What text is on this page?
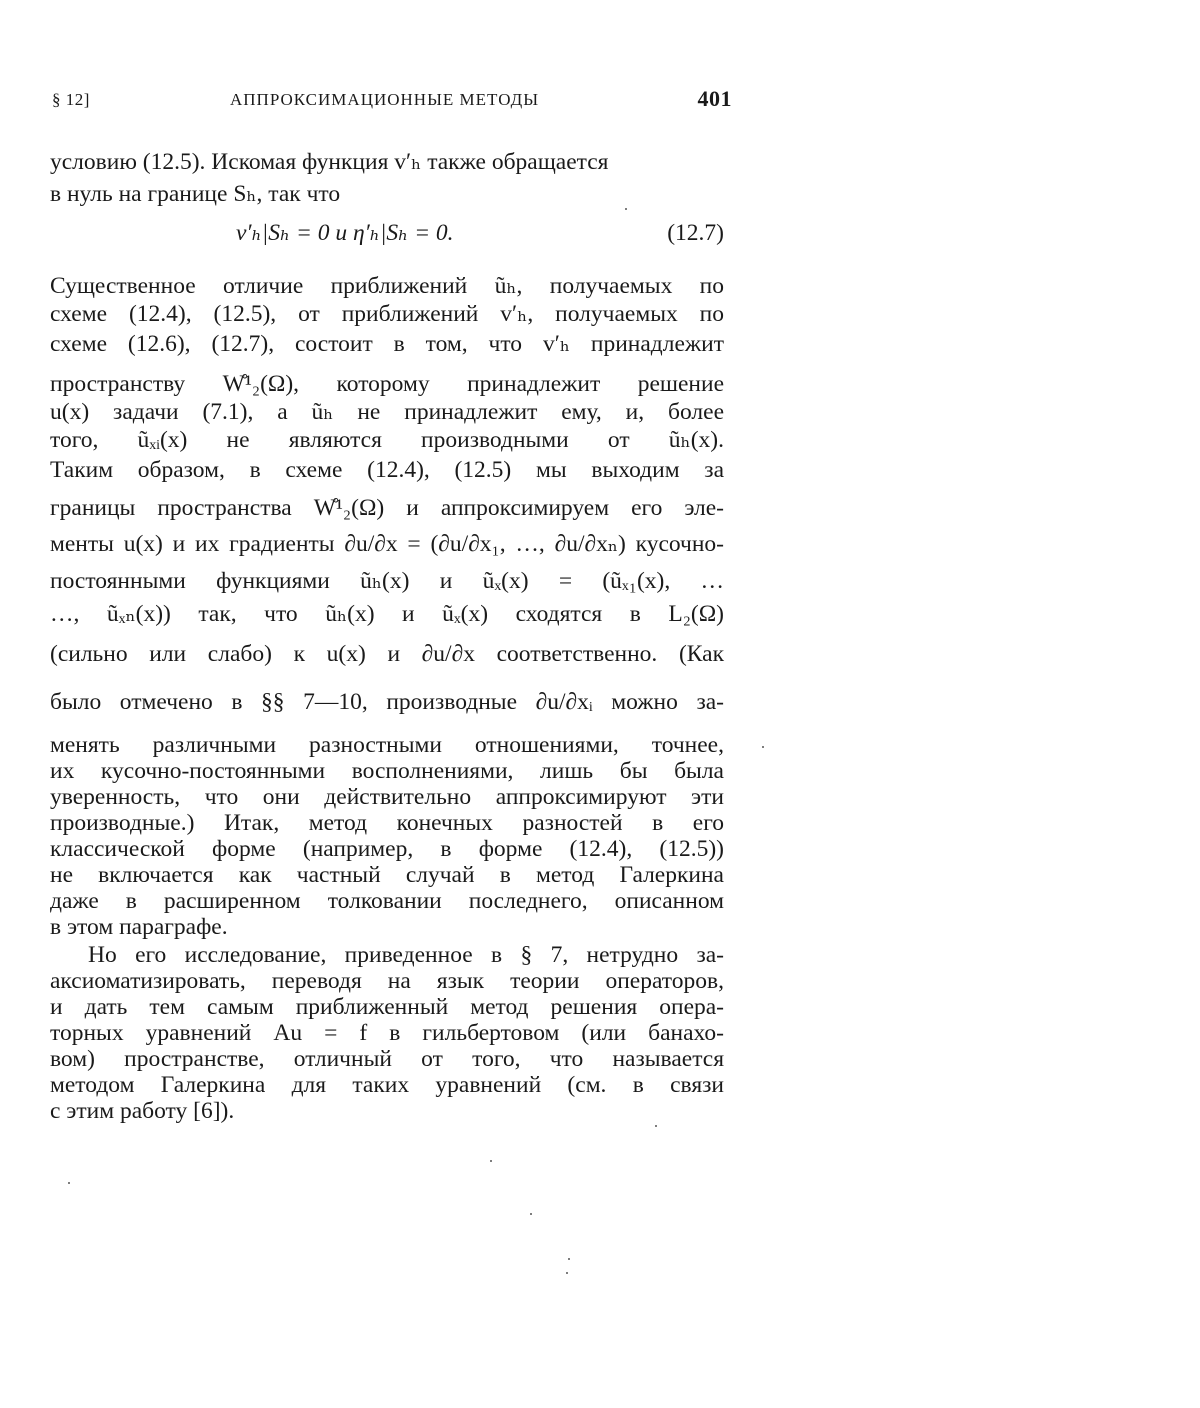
§ 12]	АППРОКСИМАЦИОННЫЕ МЕТОДЫ	401
условию (12.5). Искомая функция v′ₕ также обращается
в нуль на границе Sₕ, так что
v′ₕ|Sₕ = 0 и η′ₕ|Sₕ = 0.	(12.7)
Существенное отличие приближений ũₕ, получаемых по
схеме (12.4), (12.5), от приближений v′ₕ, получаемых по
схеме (12.6), (12.7), состоит в том, что v′ₕ принадлежит
пространству W̊¹₂(Ω), которому принадлежит решение
u(x) задачи (7.1), а ũₕ не принадлежит ему, и, более
того, ũₓᵢ(x) не являются производными от ũₕ(x).
Таким образом, в схеме (12.4), (12.5) мы выходим за
границы пространства W̊¹₂(Ω) и аппроксимируем его эле-
менты u(x) и их градиенты ∂u/∂x = (∂u/∂x₁, …, ∂u/∂xₙ) кусочно-
постоянными функциями ũₕ(x) и ũₓ(x) = (ũₓ₁(x), …
…, ũₓₙ(x)) так, что ũₕ(x) и ũₓ(x) сходятся в L₂(Ω)
(сильно или слабо) к u(x) и ∂u/∂x соответственно. (Как
было отмечено в §§ 7—10, производные ∂u/∂xᵢ можно за-
менять различными разностными отношениями, точнее,
их кусочно-постоянными восполнениями, лишь бы была
уверенность, что они действительно аппроксимируют эти
производные.) Итак, метод конечных разностей в его
классической форме (например, в форме (12.4), (12.5))
не включается как частный случай в метод Галеркина
даже в расширенном толковании последнего, описанном
в этом параграфе.
Но его исследование, приведенное в § 7, нетрудно за-
аксиоматизировать, переводя на язык теории операторов,
и дать тем самым приближенный метод решения опера-
торных уравнений Au = f в гильбертовом (или банахо-
вом) пространстве, отличный от того, что называется
методом Галеркина для таких уравнений (см. в связи
с этим работу [6]).
